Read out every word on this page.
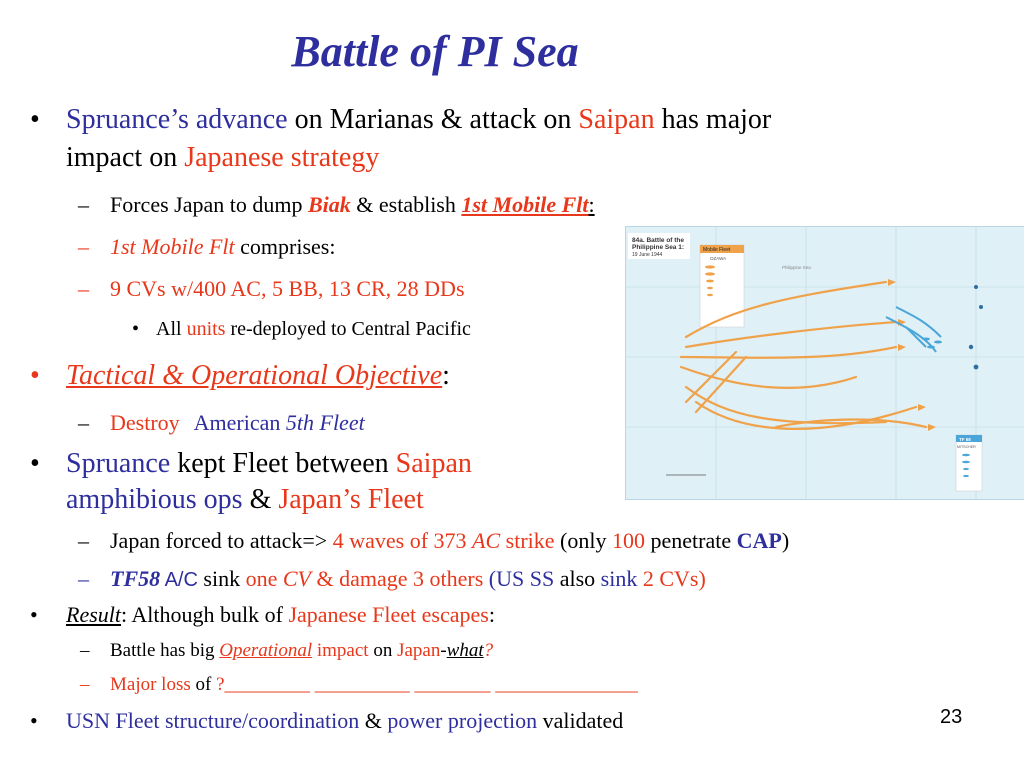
Battle of PI Sea
• Spruance’s advance on Marianas & attack on Saipan has major
impact on Japanese strategy
– Forces Japan to dump Biak & establish 1st Mobile Flt:
– 1st Mobile Flt comprises:
– 9 CVs w/400 AC, 5 BB, 13 CR, 28 DDs
• All units re-deployed to Central Pacific
• Tactical & Operational Objective:
– Destroy American 5th Fleet
• Spruance kept Fleet between Saipan
amphibious ops & Japan’s Fleet
– Japan forced to attack=> 4 waves of 373 AC strike (only 100 penetrate CAP)
– TF58 A/C sink one CV & damage 3 others (US SS also sink 2 CVs)
• Result: Although bulk of Japanese Fleet escapes:
– Battle has big Operational impact on Japan-what?
– Major loss of ?_________ __________ ________ _______________
• USN Fleet structure/coordination & power projection validated
84a. Battle of the
Philippine Sea 1:
19 June 1944
Mobile Fleet
OZAWA
Philippine Sea
TF 58
MITSCHER
23
